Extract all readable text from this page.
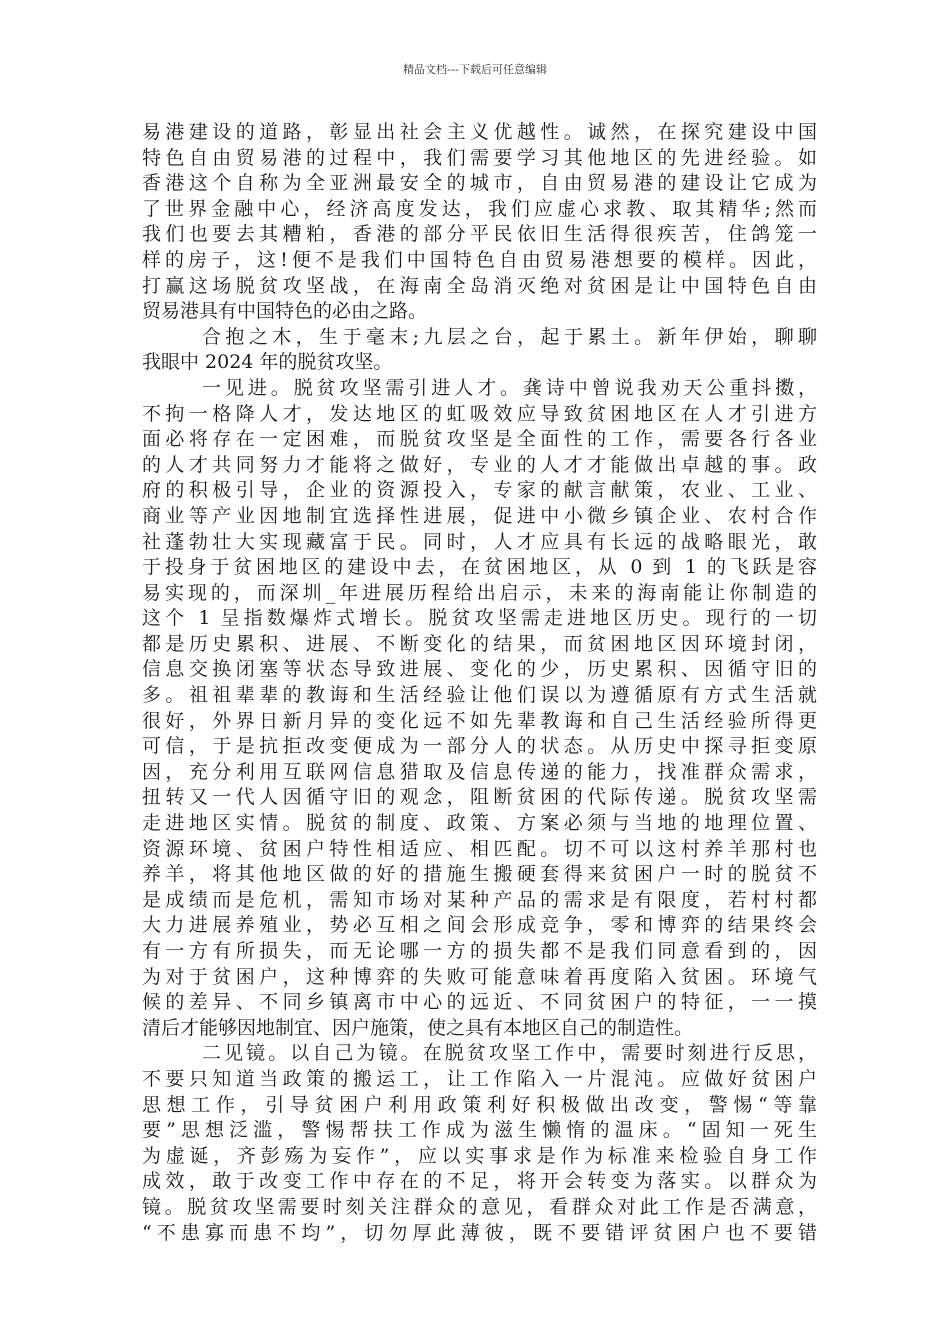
精品文档---下载后可任意编辑
易港建设的道路，彰显出社会主义优越性。诚然，在探究建设中国
特色自由贸易港的过程中，我们需要学习其他地区的先进经验。如
香港这个自称为全亚洲最安全的城市，自由贸易港的建设让它成为
了世界金融中心，经济高度发达，我们应虚心求教、取其精华;然而
我们也要去其糟粕，香港的部分平民依旧生活得很疾苦，住鸽笼一
样的房子，这!便不是我们中国特色自由贸易港想要的模样。因此，
打赢这场脱贫攻坚战，在海南全岛消灭绝对贫困是让中国特色自由
贸易港具有中国特色的必由之路。
合抱之木，生于毫末;九层之台，起于累土。新年伊始，聊聊
我眼中 2024 年的脱贫攻坚。
一见进。脱贫攻坚需引进人才。龚诗中曾说我劝天公重抖擞，
不拘一格降人才，发达地区的虹吸效应导致贫困地区在人才引进方
面必将存在一定困难，而脱贫攻坚是全面性的工作，需要各行各业
的人才共同努力才能将之做好，专业的人才才能做出卓越的事。政
府的积极引导，企业的资源投入，专家的献言献策，农业、工业、
商业等产业因地制宜选择性进展，促进中小微乡镇企业、农村合作
社蓬勃壮大实现藏富于民。同时，人才应具有长远的战略眼光，敢
于投身于贫困地区的建设中去，在贫困地区，从 0 到 1 的飞跃是容
易实现的，而深圳_年进展历程给出启示，未来的海南能让你制造的
这个 1 呈指数爆炸式增长。脱贫攻坚需走进地区历史。现行的一切
都是历史累积、进展、不断变化的结果，而贫困地区因环境封闭，
信息交换闭塞等状态导致进展、变化的少，历史累积、因循守旧的
多。祖祖辈辈的教诲和生活经验让他们误以为遵循原有方式生活就
很好，外界日新月异的变化远不如先辈教诲和自己生活经验所得更
可信，于是抗拒改变便成为一部分人的状态。从历史中探寻拒变原
因，充分利用互联网信息猎取及信息传递的能力，找准群众需求，
扭转又一代人因循守旧的观念，阻断贫困的代际传递。脱贫攻坚需
走进地区实情。脱贫的制度、政策、方案必须与当地的地理位置、
资源环境、贫困户特性相适应、相匹配。切不可以这村养羊那村也
养羊，将其他地区做的好的措施生搬硬套得来贫困户一时的脱贫不
是成绩而是危机，需知市场对某种产品的需求是有限度，若村村都
大力进展养殖业，势必互相之间会形成竞争，零和博弈的结果终会
有一方有所损失，而无论哪一方的损失都不是我们同意看到的，因
为对于贫困户，这种博弈的失败可能意味着再度陷入贫困。环境气
候的差异、不同乡镇离市中心的远近、不同贫困户的特征，一一摸
清后才能够因地制宜、因户施策，使之具有本地区自己的制造性。
二见镜。以自己为镜。在脱贫攻坚工作中，需要时刻进行反思，
不要只知道当政策的搬运工，让工作陷入一片混沌。应做好贫困户
思想工作，引导贫困户利用政策利好积极做出改变，警惕“等靠
要”思想泛滥，警惕帮扶工作成为滋生懒惰的温床。“固知一死生
为虚诞，齐彭殇为妄作”，应以实事求是作为标准来检验自身工作
成效，敢于改变工作中存在的不足，将开会转变为落实。以群众为
镜。脱贫攻坚需要时刻关注群众的意见，看群众对此工作是否满意，
“不患寡而患不均”，切勿厚此薄彼，既不要错评贫困户也不要错
